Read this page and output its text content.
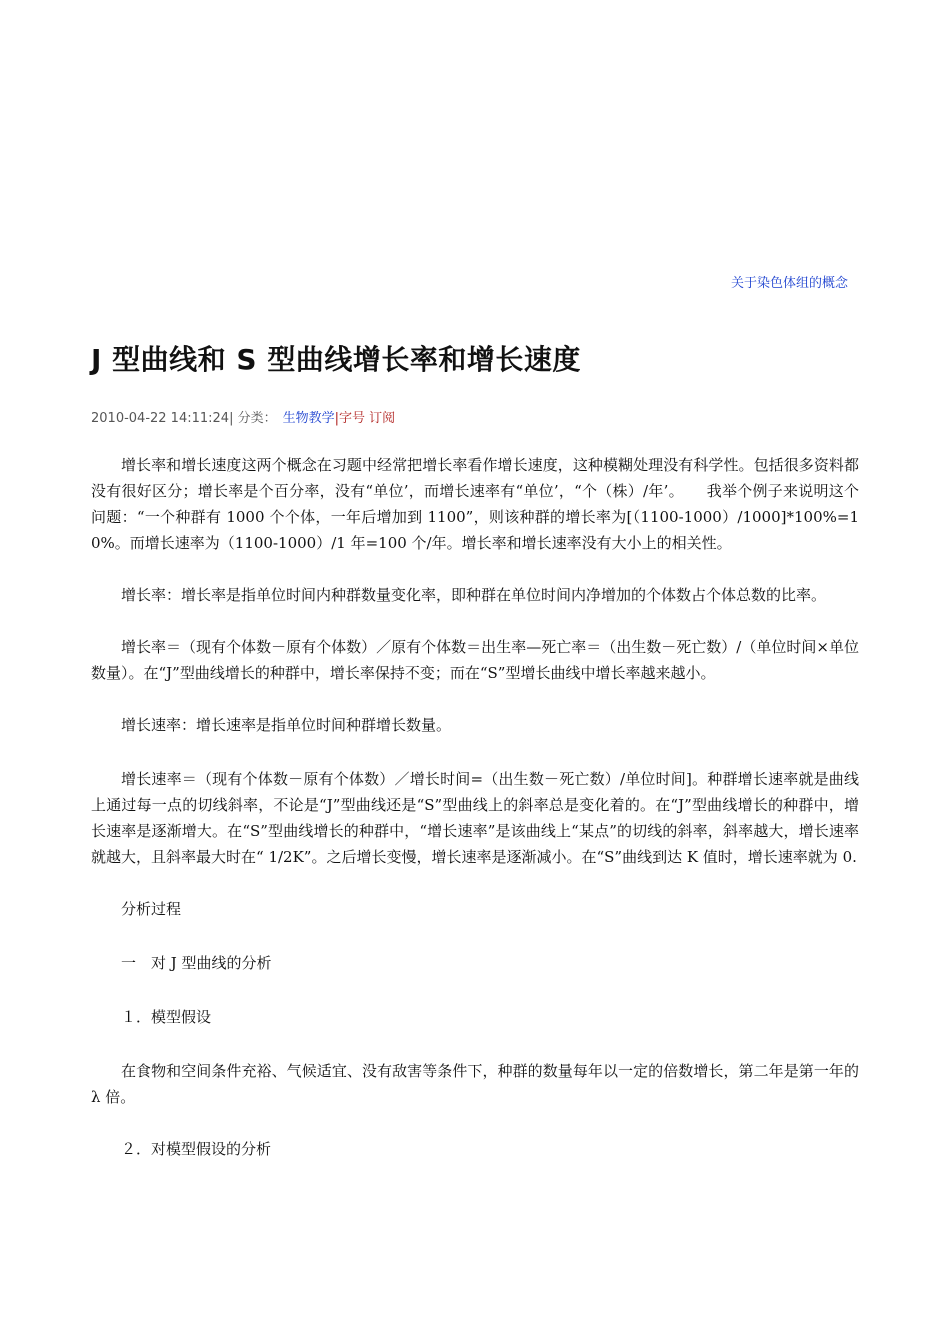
关于染色体组的概念
J 型曲线和 S 型曲线增长率和增长速度
2010-04-22 14:11:24| 分类： 生物教学|字号 订阅

增长率和增长速度这两个概念在习题中经常把增长率看作增长速度，这种模糊处理没有科学性。包括很多资料都没有很好区分；增长率是个百分率，没有“单位’，而增长速率有“单位’，“个（株）/年’。　　我举个例子来说明这个问题：“一个种群有 1000 个个体，一年后增加到 1100”，则该种群的增长率为[（1100-1000）/1000]*100%=10%。而增长速率为（1100-1000）/1 年=100 个/年。增长率和增长速率没有大小上的相关性。

增长率：增长率是指单位时间内种群数量变化率，即种群在单位时间内净增加的个体数占个体总数的比率。

增长率＝（现有个体数－原有个体数）／原有个体数＝出生率—死亡率＝（出生数－死亡数）/（单位时间×单位数量）。在“J”型曲线增长的种群中，增长率保持不变；而在“S”型增长曲线中增长率越来越小。

增长速率：增长速率是指单位时间种群增长数量。

增长速率＝（现有个体数－原有个体数）／增长时间=（出生数－死亡数）/单位时间]。种群增长速率就是曲线上通过每一点的切线斜率，不论是“J”型曲线还是“S”型曲线上的斜率总是变化着的。在“J”型曲线增长的种群中，增长速率是逐渐增大。在“S”型曲线增长的种群中，“增长速率”是该曲线上“某点”的切线的斜率，斜率越大，增长速率就越大，且斜率最大时在“ 1/2K”。之后增长变慢，增长速率是逐渐减小。在“S”曲线到达 K 值时，增长速率就为 0.

分析过程

一　对 J 型曲线的分析

１．模型假设

在食物和空间条件充裕、气候适宜、没有敌害等条件下，种群的数量每年以一定的倍数增长，第二年是第一年的 λ 倍。

２．对模型假设的分析
